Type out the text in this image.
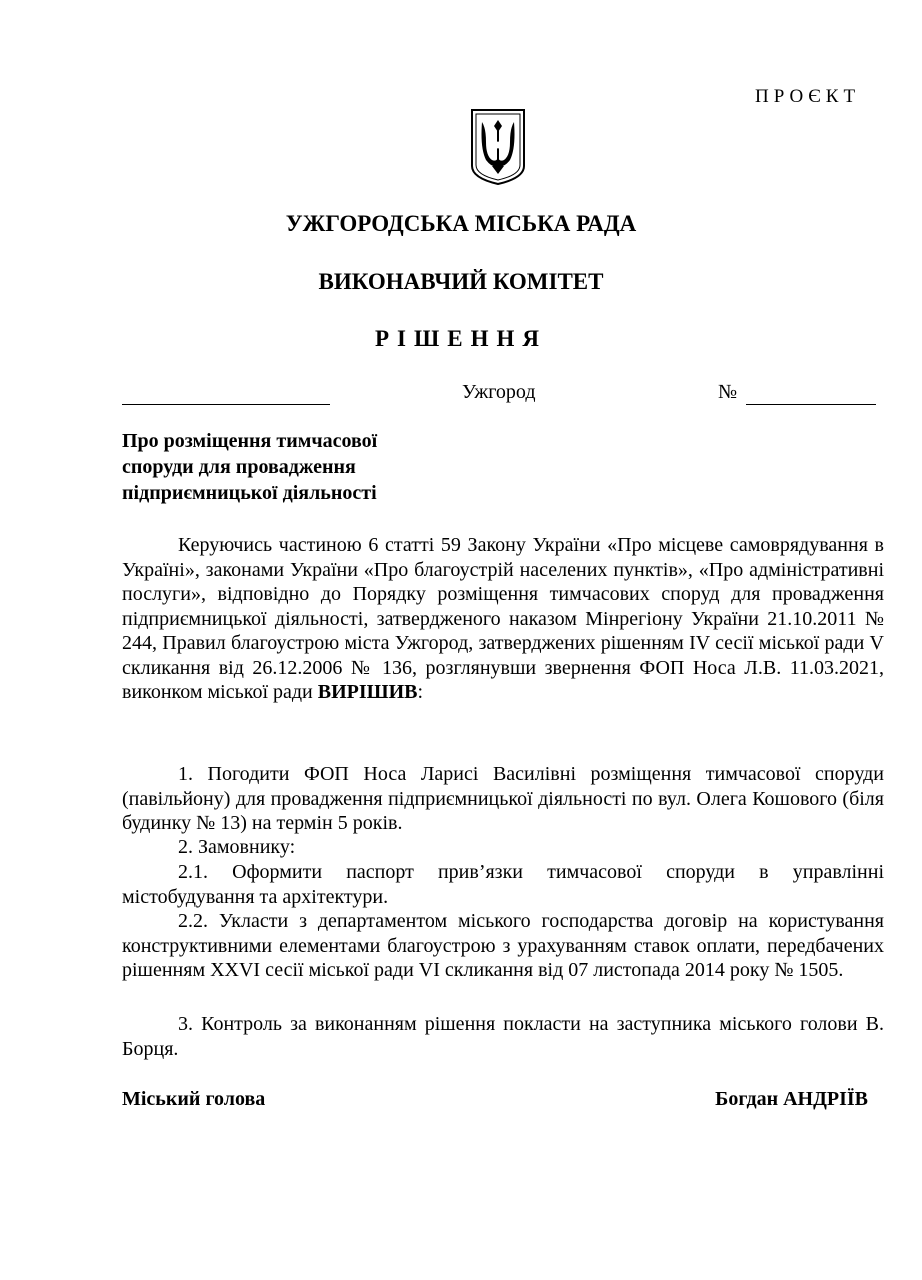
ПРОЄКТ
УЖГОРОДСЬКА МІСЬКА РАДА
ВИКОНАВЧИЙ КОМІТЕТ
РІШЕННЯ
Ужгород	№
Про розміщення тимчасової
споруди для провадження
підприємницької діяльності
Керуючись частиною 6 статті 59 Закону України «Про місцеве самоврядування в Україні», законами України «Про благоустрій населених пунктів», «Про адміністративні послуги», відповідно до Порядку розміщення тимчасових споруд для провадження підприємницької діяльності, затвердженого наказом Мінрегіону України 21.10.2011 № 244, Правил благоустрою міста Ужгород, затверджених рішенням IV сесії міської ради V скликання від 26.12.2006 № 136, розглянувши звернення ФОП Носа Л.В. 11.03.2021, виконком міської ради ВИРІШИВ:
1. Погодити ФОП Носа Ларисі Василівні розміщення тимчасової споруди (павільйону) для провадження підприємницької діяльності по вул. Олега Кошового (біля будинку № 13) на термін 5 років.
2. Замовнику:
2.1. Оформити паспорт прив’язки тимчасової споруди в управлінні містобудування та архітектури.
2.2. Укласти з департаментом міського господарства договір на користування конструктивними елементами благоустрою з урахуванням ставок оплати, передбачених рішенням XXVI сесії міської ради VI скликання від 07 листопада 2014 року № 1505.
3. Контроль за виконанням рішення покласти на заступника міського голови В. Борця.
Міський голова	Богдан АНДРІЇВ
